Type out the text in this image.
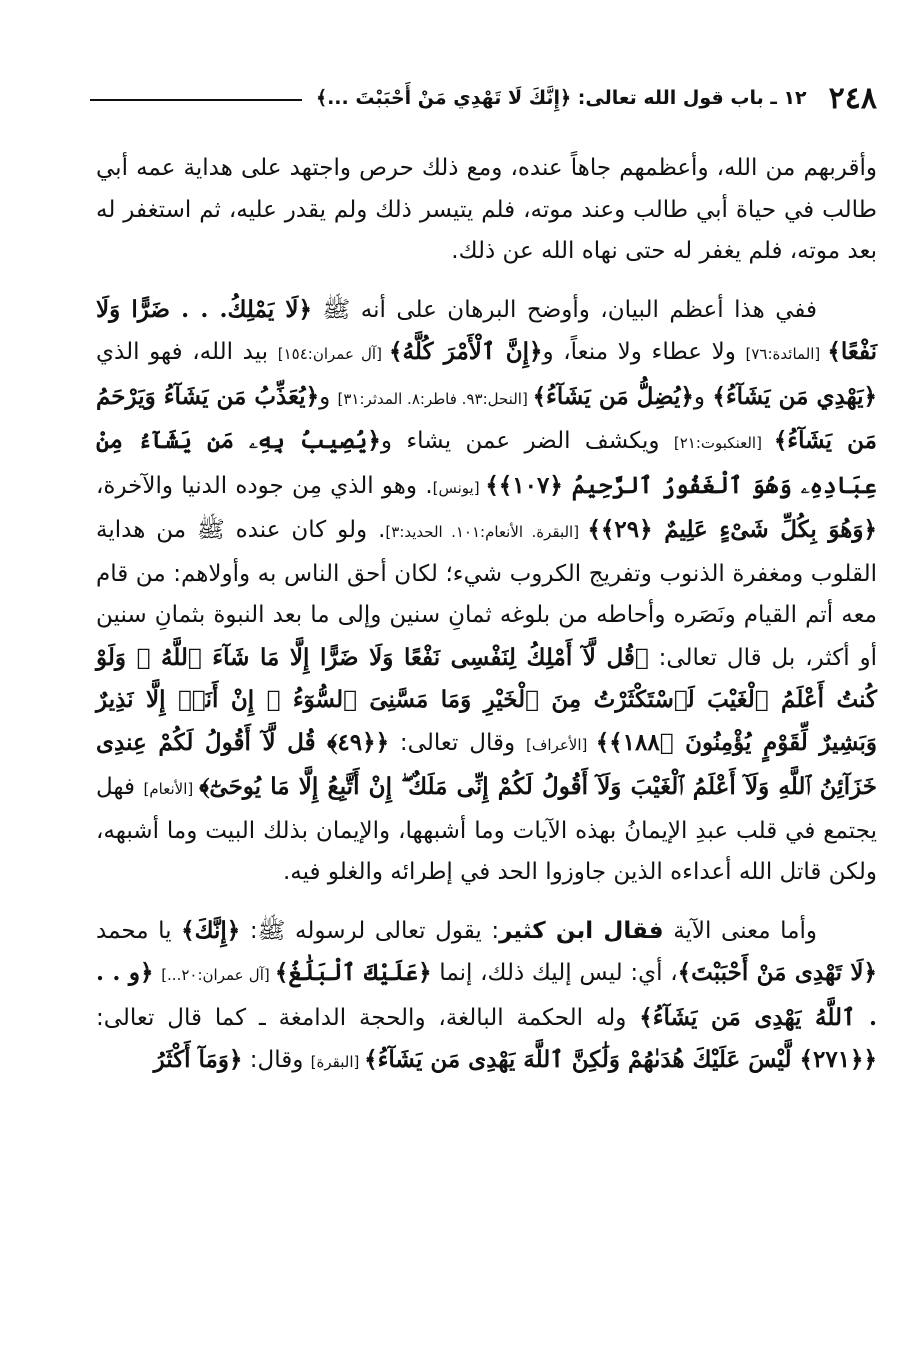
٢٤٨
١٢ ـ باب قول الله تعالى: ﴿إِنَّكَ لَا تَهْدِي مَنْ أَحْبَبْتَ ...﴾

وأقربهم من الله، وأعظمهم جاهاً عنده، ومع ذلك حرص واجتهد على هداية عمه أبي طالب في حياة أبي طالب وعند موته، فلم يتيسر ذلك ولم يقدر عليه، ثم استغفر له بعد موته، فلم يغفر له حتى نهاه الله عن ذلك.

ففي هذا أعظم البيان، وأوضح البرهان على أنه ﷺ ﴿لَا يَمْلِكُ. . . ضَرًّا وَلَا نَفْعًا﴾ [المائدة:٧٦] ولا عطاء ولا منعاً، و﴿إِنَّ ٱلْأَمْرَ كُلَّهُ﴾ [آل عمران:١٥٤] بيد الله، فهو الذي ﴿يَهْدِي مَن يَشَآءُ﴾ و﴿يُضِلُّ مَن يَشَآءُ﴾ [النحل:٩٣. فاطر:٨. المدثر:٣١] و﴿يُعَذِّبُ مَن يَشَآءُ وَيَرْحَمُ مَن يَشَآءُ﴾ [العنكبوت:٢١] ويكشف الضر عمن يشاء و﴿يُصِيبُ بِهِۦ مَن يَشَآءُ مِنْ عِبَادِهِۦ وَهُوَ ٱلْغَفُورُ ٱلرَّحِيمُ ﴿١٠٧﴾﴾ [يونس]. وهو الذي مِن جوده الدنيا والآخرة، ﴿وَهُوَ بِكُلِّ شَىْءٍ عَلِيمٌ ﴿٢٩﴾﴾ [البقرة. الأنعام:١٠١. الحديد:٣]. ولو كان عنده ﷺ من هداية القلوب ومغفرة الذنوب وتفريج الكروب شيء؛ لكان أحق الناس به وأولاهم: من قام معه أتم القيام ونَصَره وأحاطه من بلوغه ثمانِ سنين وإلى ما بعد النبوة بثمانِ سنين أو أكثر، بل قال تعالى: ﴿قُل لَّآ أَمْلِكُ لِنَفْسِى نَفْعًا وَلَا ضَرًّا إِلَّا مَا شَآءَ ٱللَّهُ ۚ وَلَوْ كُنتُ أَعْلَمُ ٱلْغَيْبَ لَٱسْتَكْثَرْتُ مِنَ ٱلْخَيْرِ وَمَا مَسَّنِىَ ٱلسُّوٓءُ ۚ إِنْ أَنَا۠ إِلَّا نَذِيرٌ وَبَشِيرٌ لِّقَوْمٍ يُؤْمِنُونَ ﴿١٨٨﴾﴾ [الأعراف] وقال تعالى: ﴿﴿٤٩﴾ قُل لَّآ أَقُولُ لَكُمْ عِندِى خَزَآئِنُ ٱللَّهِ وَلَآ أَعْلَمُ ٱلْغَيْبَ وَلَآ أَقُولُ لَكُمْ إِنِّى مَلَكٌ ۖ إِنْ أَتَّبِعُ إِلَّا مَا يُوحَىٰٓ﴾ [الأنعام] فهل يجتمع في قلب عبدِ الإيمانُ بهذه الآيات وما أشبهها، والإيمان بذلك البيت وما أشبهه، ولكن قاتل الله أعداءه الذين جاوزوا الحد في إطرائه والغلو فيه.

وأما معنى الآية فقال ابن كثير: يقول تعالى لرسوله ﷺ: ﴿إِنَّكَ﴾ يا محمد ﴿لَا تَهْدِى مَنْ أَحْبَبْتَ﴾، أي: ليس إليك ذلك، إنما ﴿عَلَيْكَ ٱلْبَلَٰغُ﴾ [آل عمران:٢٠...] ﴿و . . . ٱللَّهُ يَهْدِى مَن يَشَآءُ﴾ وله الحكمة البالغة، والحجة الدامغة ـ كما قال تعالى: ﴿﴿٢٧١﴾ لَّيْسَ عَلَيْكَ هُدَىٰهُمْ وَلَٰكِنَّ ٱللَّهَ يَهْدِى مَن يَشَآءُ﴾ [البقرة] وقال: ﴿وَمَآ أَكْثَرُ
